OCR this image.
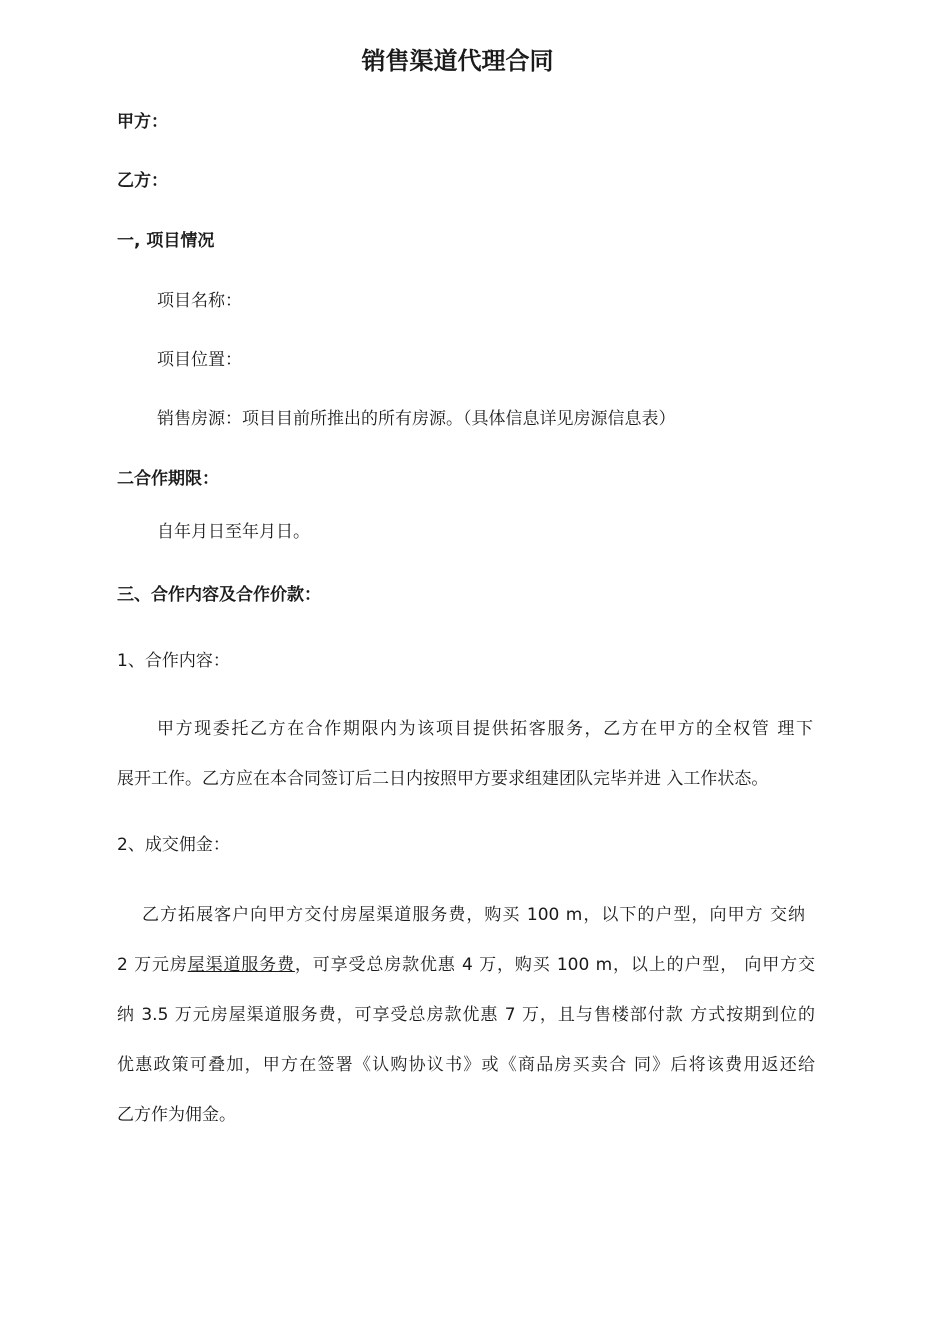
销售渠道代理合同
甲方：
乙方：
一, 项目情况
项目名称：
项目位置：
销售房源：项目目前所推出的所有房源。（具体信息详见房源信息表）
二合作期限：
自年月日至年月日。
三、合作内容及合作价款：
1、合作内容：
甲方现委托乙方在合作期限内为该项目提供拓客服务，乙方在甲方的全权管 理下
展开工作。乙方应在本合同签订后二日内按照甲方要求组建团队完毕并进 入工作状态。
2、成交佣金：
乙方拓展客户向甲方交付房屋渠道服务费，购买 100 m，以下的户型，向甲方 交纳
2 万元房屋渠道服务费，可享受总房款优惠 4 万，购买 100 m，以上的户型， 向甲方交
纳 3.5 万元房屋渠道服务费，可享受总房款优惠 7 万，且与售楼部付款 方式按期到位的
优惠政策可叠加，甲方在签署《认购协议书》或《商品房买卖合 同》后将该费用返还给
乙方作为佣金。
